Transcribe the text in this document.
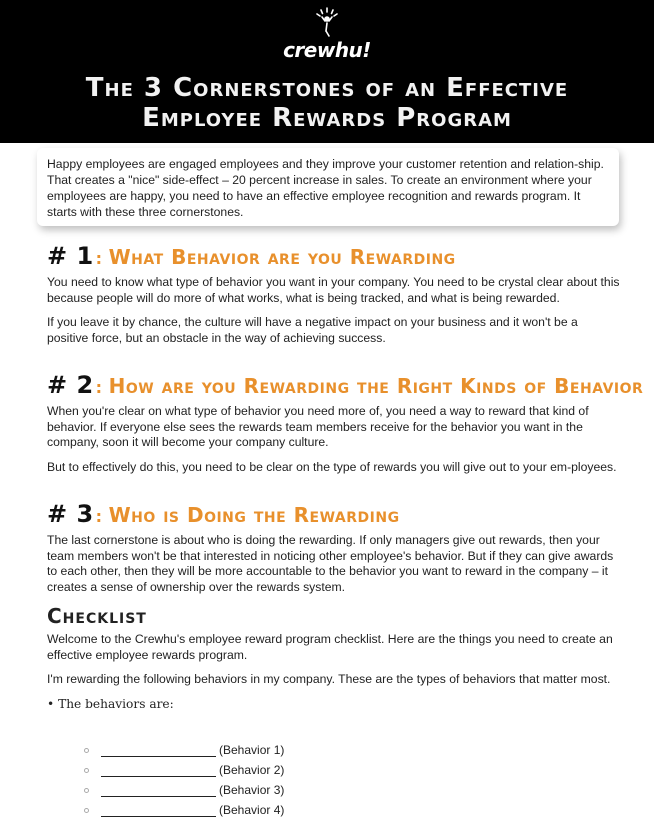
crewhu!
The 3 Cornerstones of an Effective
Employee Rewards Program
Happy employees are engaged employees and they improve your customer retention and relation-ship. That creates a "nice" side-effect – 20 percent increase in sales. To create an environment where your employees are happy, you need to have an effective employee recognition and rewards program. It starts with these three cornerstones.
# 1 : What Behavior are you Rewarding

You need to know what type of behavior you want in your company. You need to be crystal clear about this because people will do more of what works, what is being tracked, and what is being rewarded.

If you leave it by chance, the culture will have a negative impact on your business and it won't be a positive force, but an obstacle in the way of achieving success.

# 2 : How are you Rewarding the Right Kinds of Behavior

When you're clear on what type of behavior you need more of, you need a way to reward that kind of behavior. If everyone else sees the rewards team members receive for the behavior you want in the company, soon it will become your company culture.

But to effectively do this, you need to be clear on the type of rewards you will give out to your em-ployees.

# 3 : Who is Doing the Rewarding

The last cornerstone is about who is doing the rewarding. If only managers give out rewards, then your team members won't be that interested in noticing other employee's behavior. But if they can give awards to each other, then they will be more accountable to the behavior you want to reward in the company – it creates a sense of ownership over the rewards system.

Checklist

Welcome to the Crewhu's employee reward program checklist. Here are the things you need to create an effective employee rewards program.

I'm rewarding the following behaviors in my company. These are the types of behaviors that matter most.

• The behaviors are:
(Behavior 1)
(Behavior 2)
(Behavior 3)
(Behavior 4)
